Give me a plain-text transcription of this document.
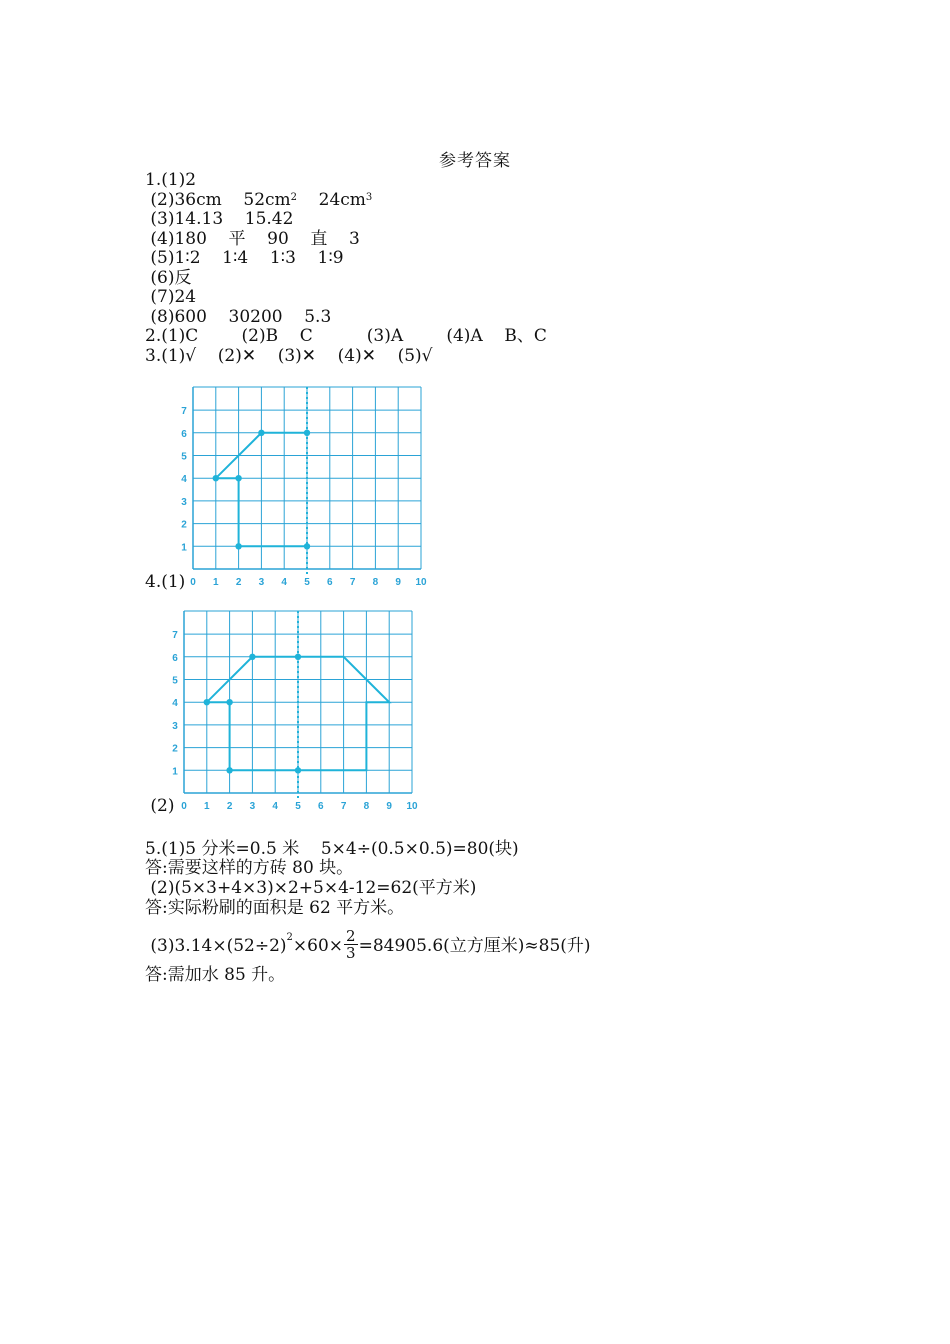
参考答案
1.(1)2
(2)36cm    $52cm^2$    $24cm^3$
(3)14.13    15.42
(4)180    平    90    直    3
(5)1∶2    1∶4    1∶3    1∶9
(6)反
(7)24
(8)600    30200    5.3
2.(1)C        (2)B    C          (3)A        (4)A    B、C
3.(1)√    (2)✕    (3)✕    (4)✕    (5)√
0 1 2 3 4 5 6 7 8 9 10
1
2
3
4
5
6
7
4.(1)
0 1 2 3 4 5 6 7 8 9 10
1
2
3
4
5
6
7
(2)
5.(1)5 分米=0.5 米    5×4÷(0.5×0.5)=80(块)
答:需要这样的方砖 80 块。
(2)(5×3+4×3)×2+5×4-12=62(平方米)
答:实际粉刷的面积是 62 平方米。
$(3)3.14\times(52\div 2)^2\times 60\times \frac{2}{3} =84905.6$(立方厘米)≈85(升)
答:需加水 85 升。
